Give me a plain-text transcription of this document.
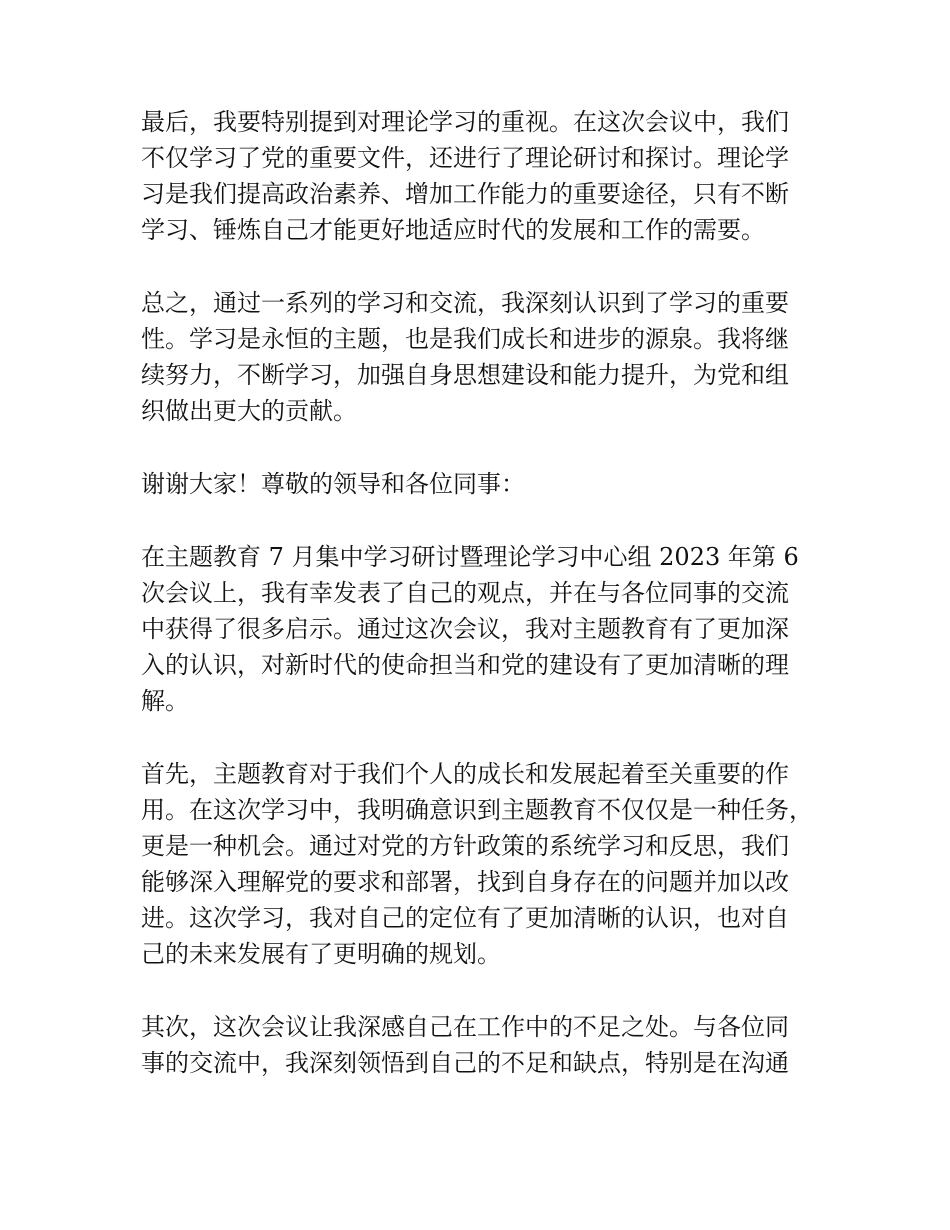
最后，我要特别提到对理论学习的重视。在这次会议中，我们
不仅学习了党的重要文件，还进行了理论研讨和探讨。理论学
习是我们提高政治素养、增加工作能力的重要途径，只有不断
学习、锤炼自己才能更好地适应时代的发展和工作的需要。

总之，通过一系列的学习和交流，我深刻认识到了学习的重要
性。学习是永恒的主题，也是我们成长和进步的源泉。我将继
续努力，不断学习，加强自身思想建设和能力提升，为党和组
织做出更大的贡献。

谢谢大家！尊敬的领导和各位同事：

在主题教育 7 月集中学习研讨暨理论学习中心组 2023 年第 6
次会议上，我有幸发表了自己的观点，并在与各位同事的交流
中获得了很多启示。通过这次会议，我对主题教育有了更加深
入的认识，对新时代的使命担当和党的建设有了更加清晰的理
解。

首先，主题教育对于我们个人的成长和发展起着至关重要的作
用。在这次学习中，我明确意识到主题教育不仅仅是一种任务，
更是一种机会。通过对党的方针政策的系统学习和反思，我们
能够深入理解党的要求和部署，找到自身存在的问题并加以改
进。这次学习，我对自己的定位有了更加清晰的认识，也对自
己的未来发展有了更明确的规划。

其次，这次会议让我深感自己在工作中的不足之处。与各位同
事的交流中，我深刻领悟到自己的不足和缺点，特别是在沟通
